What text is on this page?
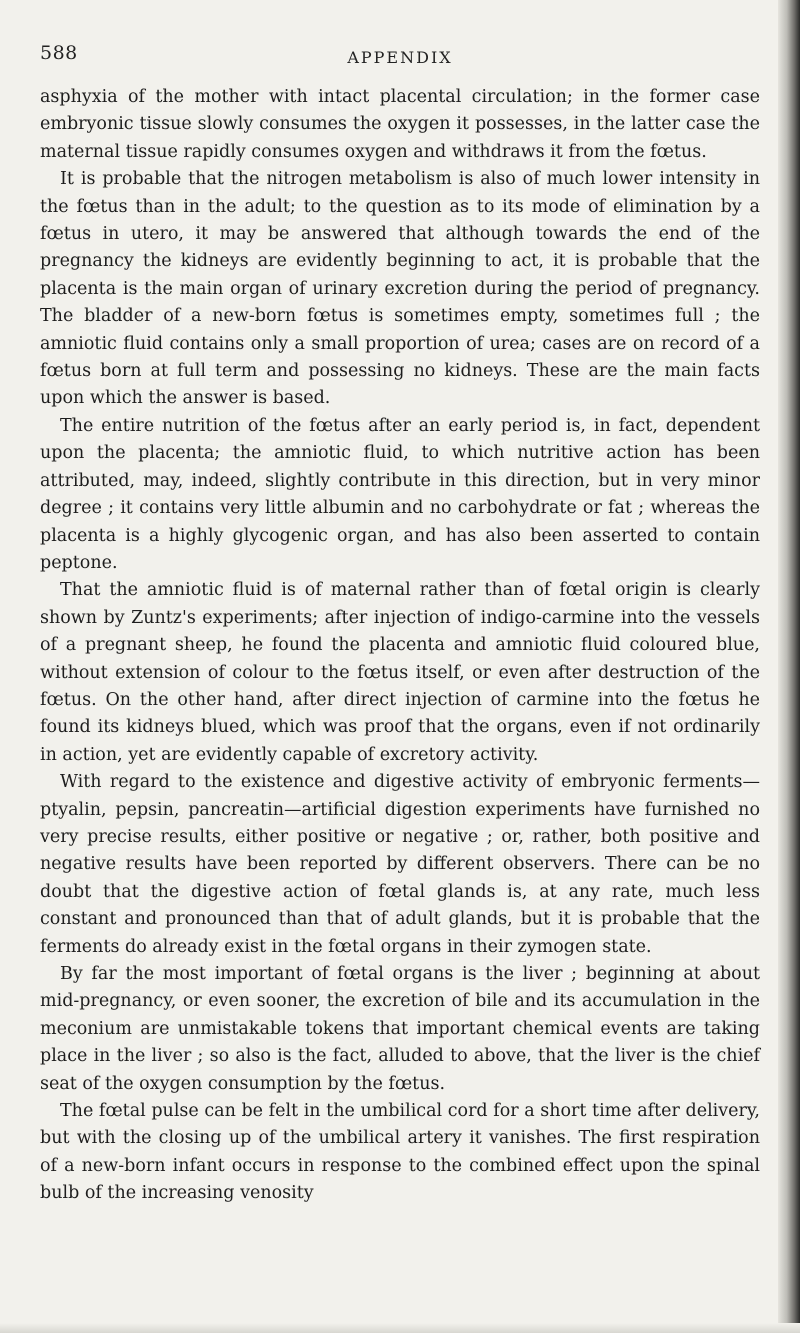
588	APPENDIX

asphyxia of the mother with intact placental circulation; in the former case embryonic tissue slowly consumes the oxygen it possesses, in the latter case the maternal tissue rapidly consumes oxygen and withdraws it from the fœtus.

It is probable that the nitrogen metabolism is also of much lower intensity in the fœtus than in the adult; to the question as to its mode of elimination by a fœtus in utero, it may be answered that although towards the end of the pregnancy the kidneys are evidently beginning to act, it is probable that the placenta is the main organ of urinary excretion during the period of pregnancy. The bladder of a new-born fœtus is sometimes empty, sometimes full ; the amniotic fluid contains only a small proportion of urea; cases are on record of a fœtus born at full term and possessing no kidneys. These are the main facts upon which the answer is based.

The entire nutrition of the fœtus after an early period is, in fact, dependent upon the placenta; the amniotic fluid, to which nutritive action has been attributed, may, indeed, slightly contribute in this direction, but in very minor degree ; it contains very little albumin and no carbohydrate or fat ; whereas the placenta is a highly glycogenic organ, and has also been asserted to contain peptone.

That the amniotic fluid is of maternal rather than of fœtal origin is clearly shown by Zuntz's experiments; after injection of indigo-carmine into the vessels of a pregnant sheep, he found the placenta and amniotic fluid coloured blue, without extension of colour to the fœtus itself, or even after destruction of the fœtus. On the other hand, after direct injection of carmine into the fœtus he found its kidneys blued, which was proof that the organs, even if not ordinarily in action, yet are evidently capable of excretory activity.

With regard to the existence and digestive activity of embryonic ferments—ptyalin, pepsin, pancreatin—artificial digestion experiments have furnished no very precise results, either positive or negative ; or, rather, both positive and negative results have been reported by different observers. There can be no doubt that the digestive action of fœtal glands is, at any rate, much less constant and pronounced than that of adult glands, but it is probable that the ferments do already exist in the fœtal organs in their zymogen state.

By far the most important of fœtal organs is the liver ; beginning at about mid-pregnancy, or even sooner, the excretion of bile and its accumulation in the meconium are unmistakable tokens that important chemical events are taking place in the liver ; so also is the fact, alluded to above, that the liver is the chief seat of the oxygen consumption by the fœtus.

The fœtal pulse can be felt in the umbilical cord for a short time after delivery, but with the closing up of the umbilical artery it vanishes. The first respiration of a new-born infant occurs in response to the combined effect upon the spinal bulb of the increasing venosity
